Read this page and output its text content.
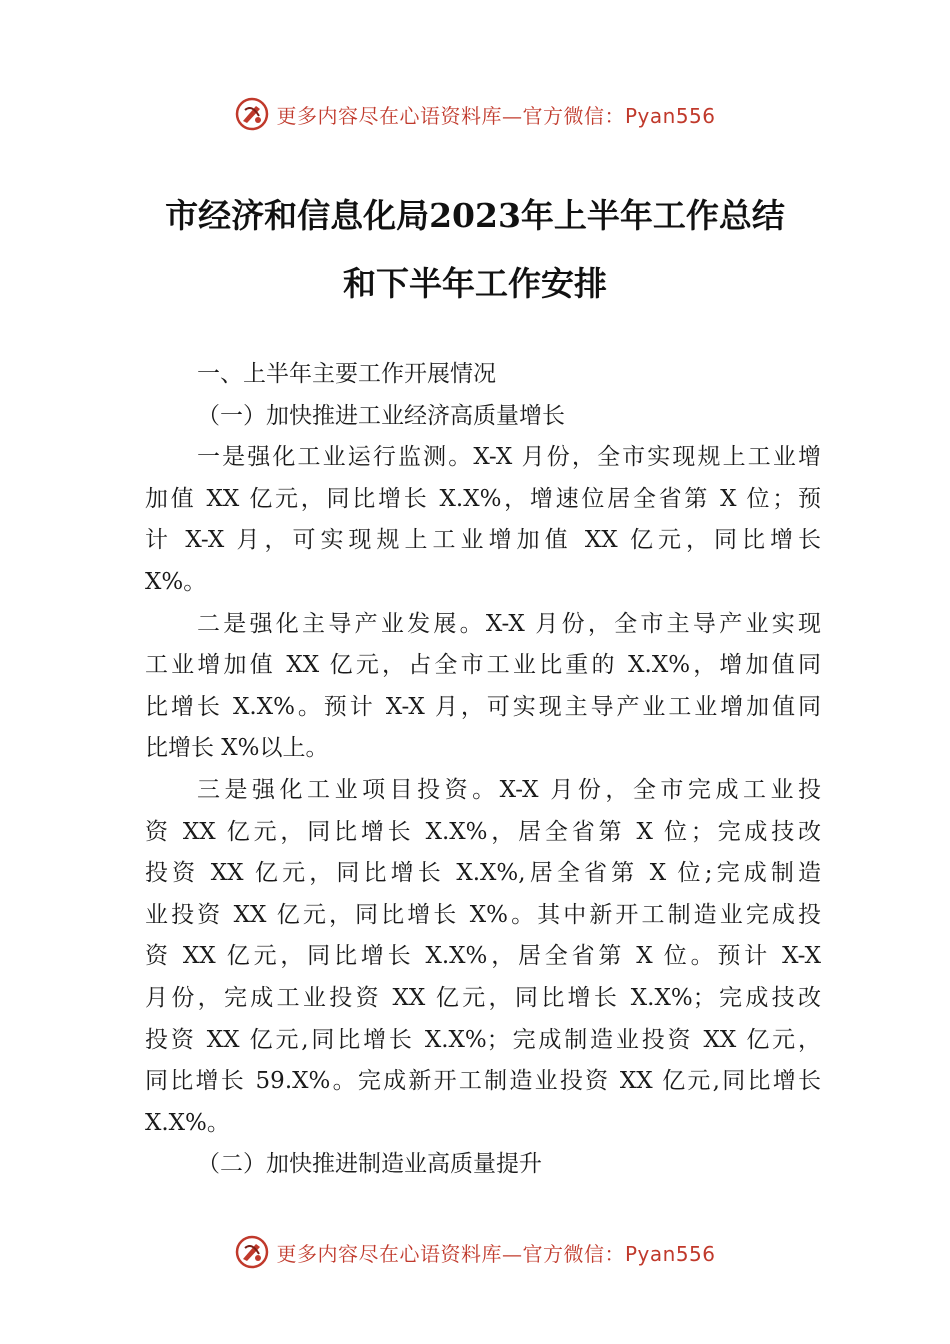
更多内容尽在心语资料库—官方微信：Pyan556
市经济和信息化局2023年上半年工作总结
和下半年工作安排
一、上半年主要工作开展情况
（一）加快推进工业经济高质量增长
一是强化工业运行监测。X-X 月份，全市实现规上工业增
加值 XX 亿元，同比增长 X.X%，增速位居全省第 X 位；预
计 X-X 月，可实现规上工业增加值 XX 亿元，同比增长
X%。
二是强化主导产业发展。X-X 月份，全市主导产业实现
工业增加值 XX 亿元，占全市工业比重的 X.X%，增加值同
比增长 X.X%。预计 X-X 月，可实现主导产业工业增加值同
比增长 X%以上。
三是强化工业项目投资。X-X 月份，全市完成工业投
资 XX 亿元，同比增长 X.X%，居全省第 X 位；完成技改
投资 XX 亿元，同比增长 X.X%,居全省第 X 位;完成制造
业投资 XX 亿元，同比增长 X%。其中新开工制造业完成投
资 XX 亿元，同比增长 X.X%，居全省第 X 位。预计 X-X
月份，完成工业投资 XX 亿元，同比增长 X.X%；完成技改
投资 XX 亿元,同比增长 X.X%；完成制造业投资 XX 亿元，
同比增长 59.X%。完成新开工制造业投资 XX 亿元,同比增长
X.X%。
（二）加快推进制造业高质量提升
更多内容尽在心语资料库—官方微信：Pyan556
